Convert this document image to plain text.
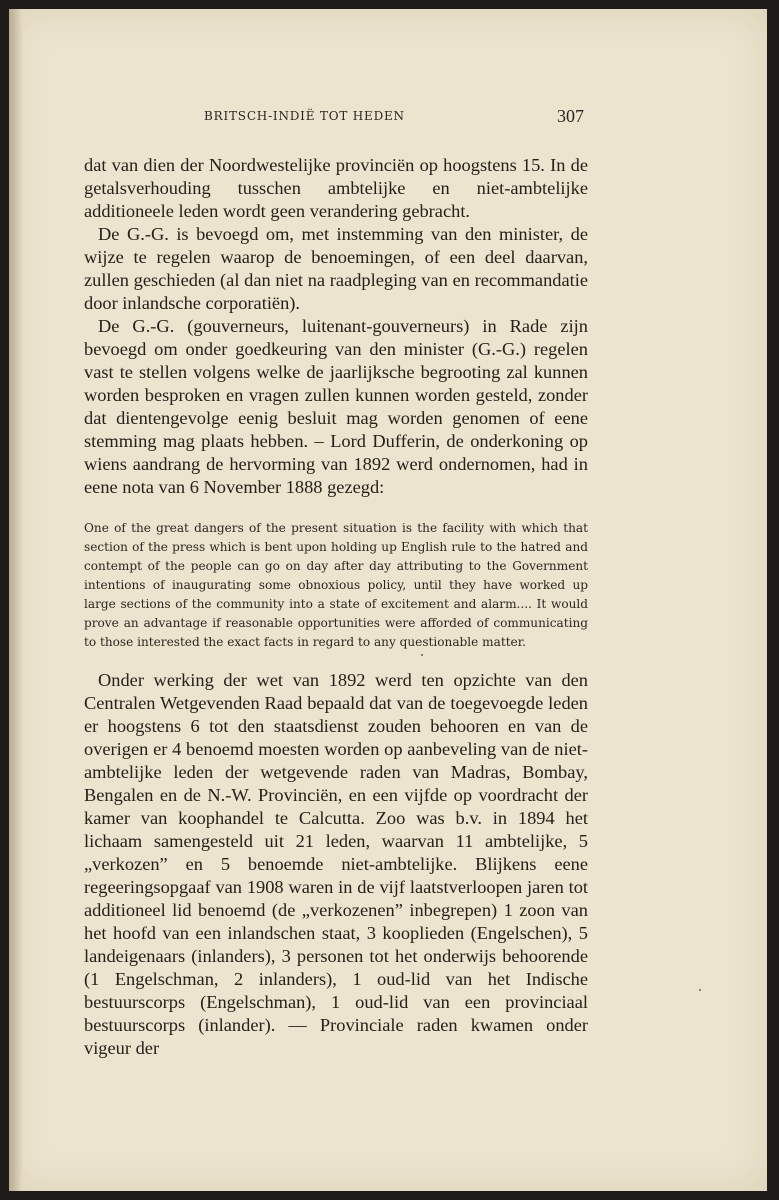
BRITSCH-INDIË TOT HEDEN	307

dat van dien der Noordwestelijke provinciën op hoogstens 15. In de getalsverhouding tusschen ambtelijke en niet-ambtelijke additioneele leden wordt geen verandering gebracht.

De G.-G. is bevoegd om, met instemming van den minister, de wijze te regelen waarop de benoemingen, of een deel daarvan, zullen geschieden (al dan niet na raadpleging van en recommandatie door inlandsche corporatiën).

De G.-G. (gouverneurs, luitenant-gouverneurs) in Rade zijn bevoegd om onder goedkeuring van den minister (G.-G.) regelen vast te stellen volgens welke de jaarlijksche begrooting zal kunnen worden besproken en vragen zullen kunnen worden gesteld, zonder dat dientengevolge eenig besluit mag worden genomen of eene stemming mag plaats hebben. – Lord Dufferin, de onderkoning op wiens aandrang de hervorming van 1892 werd ondernomen, had in eene nota van 6 November 1888 gezegd:

One of the great dangers of the present situation is the facility with which that section of the press which is bent upon holding up English rule to the hatred and contempt of the people can go on day after day attributing to the Government intentions of inaugurating some obnoxious policy, until they have worked up large sections of the community into a state of excitement and alarm.... It would prove an advantage if reasonable opportunities were afforded of communicating to those interested the exact facts in regard to any questionable matter.

Onder werking der wet van 1892 werd ten opzichte van den Centralen Wetgevenden Raad bepaald dat van de toegevoegde leden er hoogstens 6 tot den staatsdienst zouden behooren en van de overigen er 4 benoemd moesten worden op aanbeveling van de niet-ambtelijke leden der wetgevende raden van Madras, Bombay, Bengalen en de N.-W. Provinciën, en een vijfde op voordracht der kamer van koophandel te Calcutta. Zoo was b.v. in 1894 het lichaam samengesteld uit 21 leden, waarvan 11 ambtelijke, 5 „verkozen” en 5 benoemde niet-ambtelijke. Blijkens eene regeeringsopgaaf van 1908 waren in de vijf laatstverloopen jaren tot additioneel lid benoemd (de „verkozenen” inbegrepen) 1 zoon van het hoofd van een inlandschen staat, 3 kooplieden (Engelschen), 5 landeigenaars (inlanders), 3 personen tot het onderwijs behoorende (1 Engelschman, 2 inlanders), 1 oud-lid van het Indische bestuurscorps (Engelschman), 1 oud-lid van een provinciaal bestuurscorps (inlander). — Provinciale raden kwamen onder vigeur der
